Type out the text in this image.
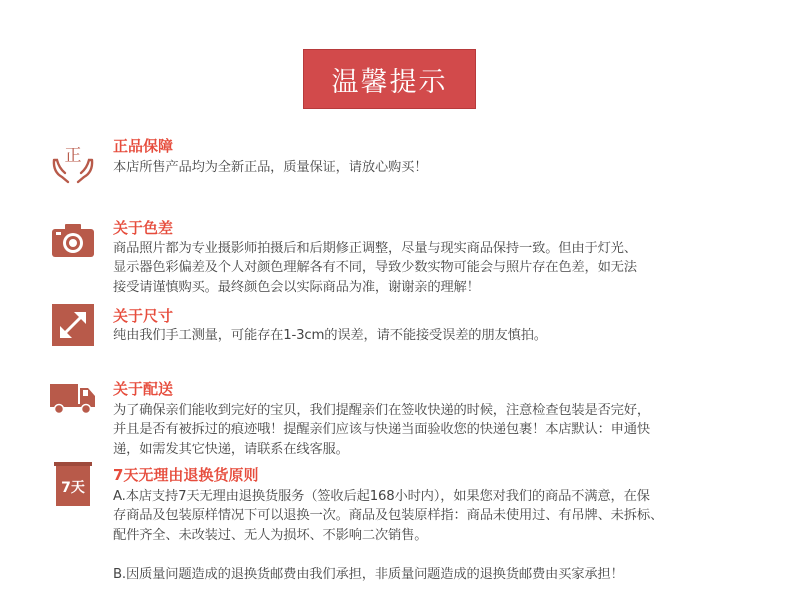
温馨提示
正 正品保障

本店所售产品均为全新正品，质量保证，请放心购买！

关于色差

商品照片都为专业摄影师拍摄后和后期修正调整，尽量与现实商品保持一致。但由于灯光、

显示器色彩偏差及个人对颜色理解各有不同，导致少数实物可能会与照片存在色差，如无法

接受请谨慎购买。最终颜色会以实际商品为准，谢谢亲的理解！

关于尺寸

纯由我们手工测量，可能存在1-3cm的误差，请不能接受误差的朋友慎拍。

关于配送

为了确保亲们能收到完好的宝贝，我们提醒亲们在签收快递的时候，注意检查包装是否完好，

并且是否有被拆过的痕迹哦！提醒亲们应该与快递当面验收您的快递包裹！本店默认：申通快

递，如需发其它快递，请联系在线客服。

7天
7天无理由退换货原则

A.本店支持7天无理由退换货服务（签收后起168小时内），如果您对我们的商品不满意，在保

存商品及包装原样情况下可以退换一次。商品及包装原样指：商品未使用过、有吊牌、未拆标、

配件齐全、未改装过、无人为损坏、不影响二次销售。

B.因质量问题造成的退换货邮费由我们承担，非质量问题造成的退换货邮费由买家承担！
